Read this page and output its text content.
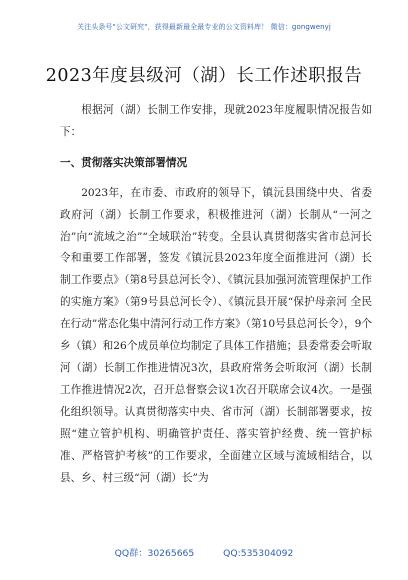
关注头条号"公文研究"，获得最新最全最专业的公文资料库！ 微信：gongwenyj
2023年度县级河（湖）长工作述职报告

根据河（湖）长制工作安排，现就2023年度履职情况报告如下：

一、贯彻落实决策部署情况

2023年，在市委、市政府的领导下，镇沅县围绕中央、省委政府河（湖）长制工作要求，积极推进河（湖）长制从“一河之治”向“流域之治”“全域联治”转变。全县认真贯彻落实省市总河长令和重要工作部署，签发《镇沅县2023年度全面推进河（湖）长制工作要点》（第8号县总河长令）、《镇沅县加强河流管理保护工作的实施方案》（第9号县总河长令）、《镇沅县开展“保护母亲河 全民在行动”常态化集中清河行动工作方案》（第10号县总河长令），9个乡（镇）和26个成员单位均制定了具体工作措施；县委常委会听取河（湖）长制工作推进情况3次，县政府常务会听取河（湖）长制工作推进情况2次，召开总督察会议1次召开联席会议4次。一是强化组织领导。认真贯彻落实中央、省市河（湖）长制部署要求，按照“建立管护机构、明确管护责任、落实管护经费、统一管护标准、严格管护考核”的工作要求，全面建立区域与流域相结合，以县、乡、村三级“河（湖）长”为

QQ群：30265665	QQ:535304092
